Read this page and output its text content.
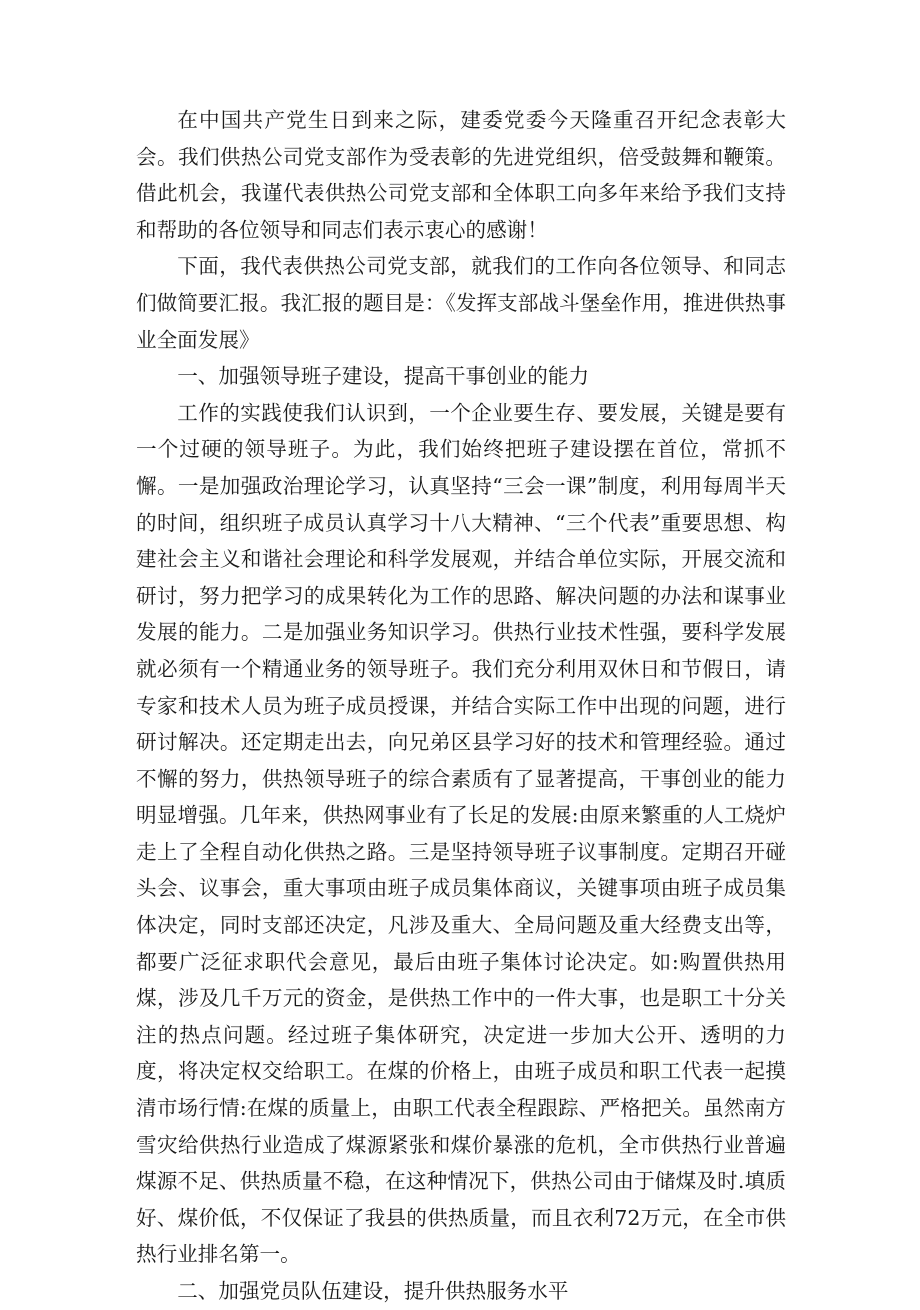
在中国共产党生日到来之际，建委党委今天隆重召开纪念表彰大会。我们供热公司党支部作为受表彰的先进党组织，倍受鼓舞和鞭策。借此机会，我谨代表供热公司党支部和全体职工向多年来给予我们支持和帮助的各位领导和同志们表示衷心的感谢！

下面，我代表供热公司党支部，就我们的工作向各位领导、和同志们做简要汇报。我汇报的题目是：《发挥支部战斗堡垒作用，推进供热事业全面发展》

一、加强领导班子建设，提高干事创业的能力

工作的实践使我们认识到，一个企业要生存、要发展，关键是要有一个过硬的领导班子。为此，我们始终把班子建设摆在首位，常抓不懈。一是加强政治理论学习，认真坚持“三会一课”制度，利用每周半天的时间，组织班子成员认真学习十八大精神、“三个代表”重要思想、构建社会主义和谐社会理论和科学发展观，并结合单位实际，开展交流和研讨，努力把学习的成果转化为工作的思路、解决问题的办法和谋事业发展的能力。二是加强业务知识学习。供热行业技术性强，要科学发展就必须有一个精通业务的领导班子。我们充分利用双休日和节假日，请专家和技术人员为班子成员授课，并结合实际工作中出现的问题，进行研讨解决。还定期走出去，向兄弟区县学习好的技术和管理经验。通过不懈的努力，供热领导班子的综合素质有了显著提高，干事创业的能力明显增强。几年来，供热网事业有了长足的发展:由原来繁重的人工烧炉走上了全程自动化供热之路。三是坚持领导班子议事制度。定期召开碰头会、议事会，重大事项由班子成员集体商议，关键事项由班子成员集体决定，同时支部还决定，凡涉及重大、全局问题及重大经费支出等，都要广泛征求职代会意见，最后由班子集体讨论决定。如:购置供热用煤，涉及几千万元的资金，是供热工作中的一件大事，也是职工十分关注的热点问题。经过班子集体研究，决定进一步加大公开、透明的力度，将决定权交给职工。在煤的价格上，由班子成员和职工代表一起摸清市场行情:在煤的质量上，由职工代表全程跟踪、严格把关。虽然南方雪灾给供热行业造成了煤源紧张和煤价暴涨的危机，全市供热行业普遍煤源不足、供热质量不稳，在这种情况下，供热公司由于储煤及时.填质好、煤价低，不仅保证了我县的供热质量，而且衣利72万元，在全市供热行业排名第一。

二、加强党员队伍建设，提升供热服务水平
